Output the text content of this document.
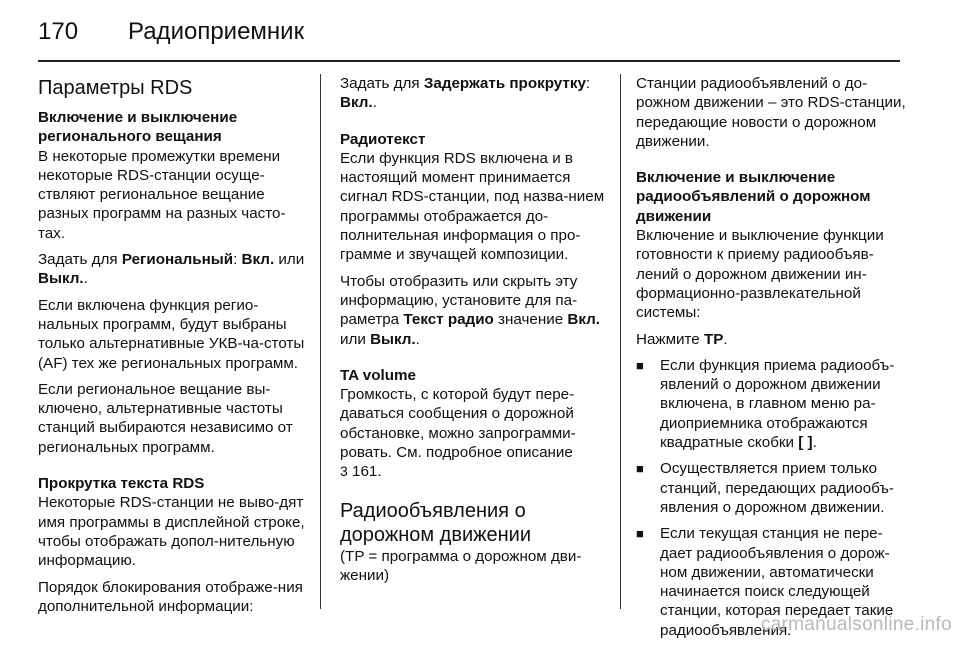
170 Радиоприемник
Параметры RDS
Включение и выключение регионального вещания

В некоторые промежутки времени некоторые RDS-станции осуще-ствляют региональное вещание разных программ на разных часто-тах.

Задать для Региональный: Вкл. или Выкл..

Если включена функция регио-нальных программ, будут выбраны только альтернативные УКВ-ча-стоты (AF) тех же региональных программ.

Если региональное вещание вы-ключено, альтернативные частоты станций выбираются независимо от региональных программ.

Прокрутка текста RDS

Некоторые RDS-станции не выво-дят имя программы в дисплейной строке, чтобы отображать допол-нительную информацию.

Порядок блокирования отображе-ния дополнительной информации:

Задать для Задержать прокрутку: Вкл..

Радиотекст

Если функция RDS включена и в настоящий момент принимается сигнал RDS-станции, под назва-нием программы отображается до-полнительная информация о про-грамме и звучащей композиции.

Чтобы отобразить или скрыть эту информацию, установите для па-раметра Текст радио значение Вкл. или Выкл..

TA volume

Громкость, с которой будут пере-даваться сообщения о дорожной обстановке, можно запрограмми-ровать. См. подробное описание
3 161.

Радиообъявления о дорожном движении

(TP = программа о дорожном дви-жении)

Станции радиообъявлений о до-рожном движении – это RDS-станции, передающие новости о дорожном движении.

Включение и выключение радиообъявлений о дорожном движении

Включение и выключение функции готовности к приему радиообъяв-лений о дорожном движении ин-формационно-развлекательной системы:

Нажмите TP.

■	Если функция приема радиообъ-явлений о дорожном движении включена, в главном меню ра-диоприемника отображаются квадратные скобки [ ].
■	Осуществляется прием только станций, передающих радиообъ-явления о дорожном движении.
■	Если текущая станция не пере-дает радиообъявления о дорож-ном движении, автоматически начинается поиск следующей станции, которая передает такие радиообъявления.
carmanualsonline.info
